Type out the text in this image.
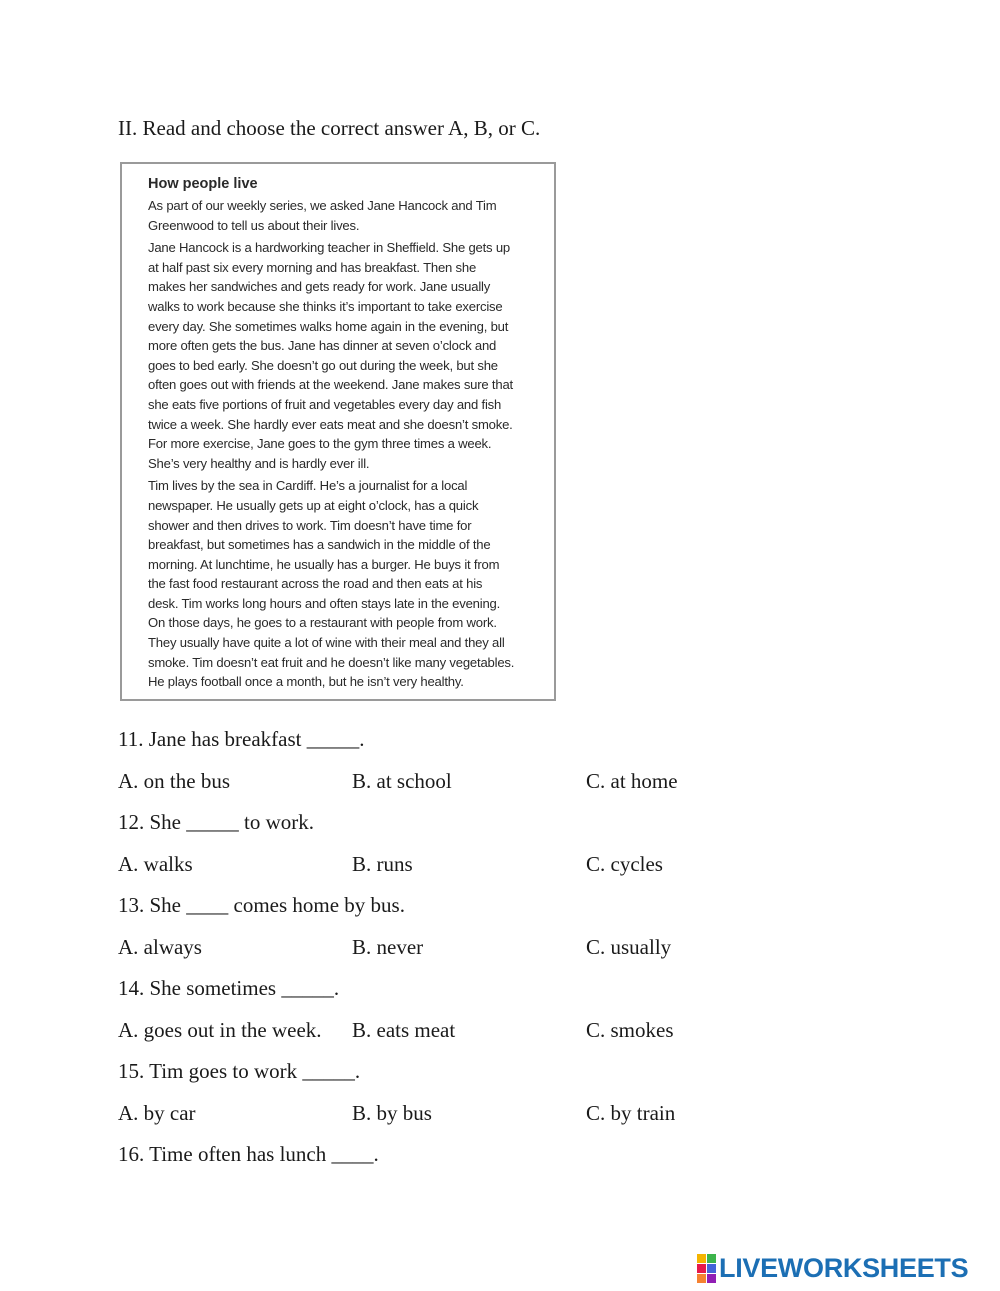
II. Read and choose the correct answer A, B, or C.
How people live
As part of our weekly series, we asked Jane Hancock and Tim
Greenwood to tell us about their lives.
Jane Hancock is a hardworking teacher in Sheffield. She gets up
at half past six every morning and has breakfast. Then she
makes her sandwiches and gets ready for work. Jane usually
walks to work because she thinks it’s important to take exercise
every day. She sometimes walks home again in the evening, but
more often gets the bus. Jane has dinner at seven o’clock and
goes to bed early. She doesn’t go out during the week, but she
often goes out with friends at the weekend. Jane makes sure that
she eats five portions of fruit and vegetables every day and fish
twice a week. She hardly ever eats meat and she doesn’t smoke.
For more exercise, Jane goes to the gym three times a week.
She’s very healthy and is hardly ever ill.
Tim lives by the sea in Cardiff. He’s a journalist for a local
newspaper. He usually gets up at eight o’clock, has a quick
shower and then drives to work. Tim doesn’t have time for
breakfast, but sometimes has a sandwich in the middle of the
morning. At lunchtime, he usually has a burger. He buys it from
the fast food restaurant across the road and then eats at his
desk. Tim works long hours and often stays late in the evening.
On those days, he goes to a restaurant with people from work.
They usually have quite a lot of wine with their meal and they all
smoke. Tim doesn’t eat fruit and he doesn’t like many vegetables.
He plays football once a month, but he isn’t very healthy.
11. Jane has breakfast _____.
A. on the bus	B. at school	C. at home
12. She _____ to work.
A. walks	B. runs	C. cycles
13. She ____ comes home by bus.
A. always	B. never	C. usually
14. She sometimes _____.
A. goes out in the week. B. eats meat	C. smokes
15. Tim goes to work _____.
A. by car	B. by bus	C. by train
16. Time often has lunch ____.
LIVEWORKSHEETS
